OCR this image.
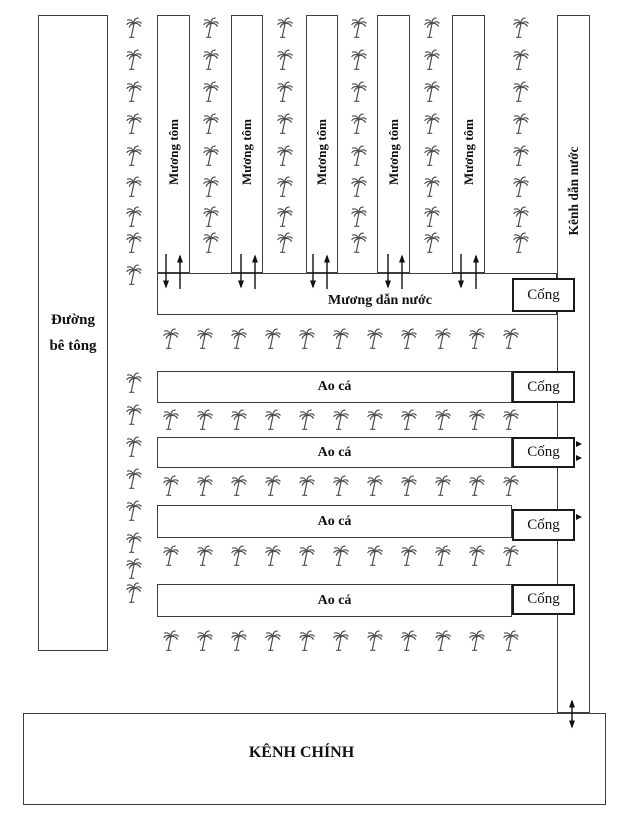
Đường
bê tông
Mương tôm	Mương tôm	Mương tôm	Mương tôm	Mương tôm	Kênh dẫn nước
Mương dẫn nước
Ao cá
Ao cá
Ao cá
Ao cá
Cống
Cống
Cống
Cống
Cống
KÊNH CHÍNH
